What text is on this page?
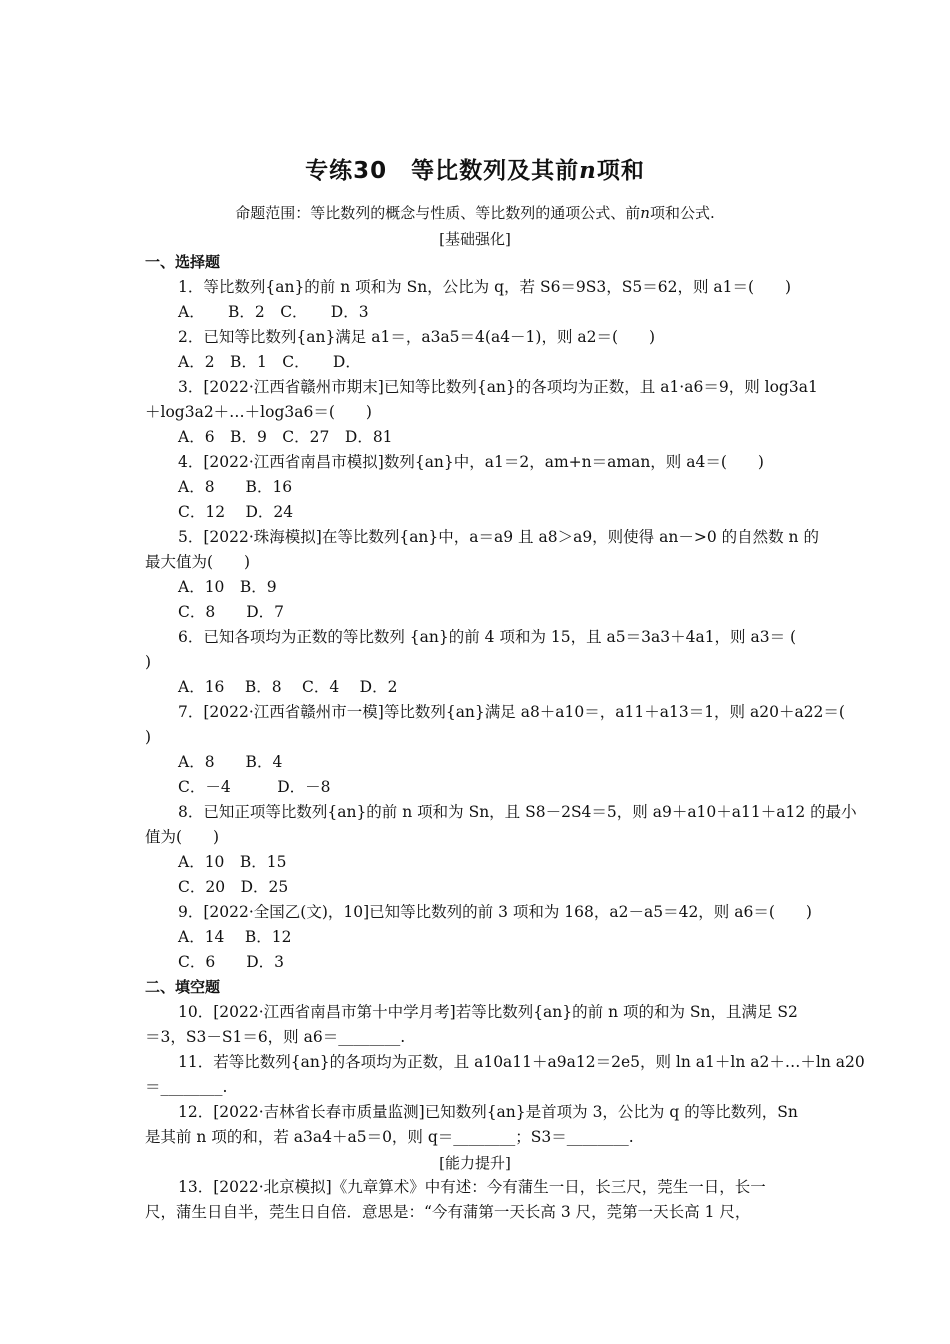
专练30　等比数列及其前n项和
命题范围：等比数列的概念与性质、等比数列的通项公式、前n项和公式.
[基础强化]
一、选择题
1．等比数列{an}的前 n 项和为 Sn，公比为 q，若 S6＝9S3，S5＝62，则 a1＝(　　)
A．　　B．2　C．　　D．3
2．已知等比数列{an}满足 a1＝，a3a5＝4(a4－1)，则 a2＝(　　)
A．2　B．1　C．　　D．
3．[2022·江西省赣州市期末]已知等比数列{an}的各项均为正数，且 a1·a6＝9，则 log3a1
＋log3a2＋…＋log3a6＝(　　)
A．6　B．9　C．27　D．81
4．[2022·江西省南昌市模拟]数列{an}中，a1＝2，am+n＝aman，则 a4＝(　　)
A．8　　B．16
C．12　 D．24
5．[2022·珠海模拟]在等比数列{an}中，a＝a9 且 a8＞a9，则使得 an－>0 的自然数 n 的
最大值为(　　)
A．10　B．9
C．8　　D．7
6．已知各项均为正数的等比数列 {an}的前 4 项和为 15，且 a5＝3a3＋4a1，则 a3＝ (
)
A．16　 B．8　 C．4　 D．2
7．[2022·江西省赣州市一模]等比数列{an}满足 a8＋a10＝，a11＋a13＝1，则 a20＋a22＝(
)
A．8　　B．4
C．－4　　　D．－8
8．已知正项等比数列{an}的前 n 项和为 Sn，且 S8－2S4＝5，则 a9＋a10＋a11＋a12 的最小
值为(　　)
A．10　B．15
C．20　D．25
9．[2022·全国乙(文)，10]已知等比数列的前 3 项和为 168，a2－a5＝42，则 a6＝(　　)
A．14　 B．12
C．6　　D．3
二、填空题
10．[2022·江西省南昌市第十中学月考]若等比数列{an}的前 n 项的和为 Sn，且满足 S2
＝3，S3－S1＝6，则 a6＝________.
11．若等比数列{an}的各项均为正数，且 a10a11＋a9a12＝2e5，则 ln a1＋ln a2＋…＋ln a20
＝________.
12．[2022·吉林省长春市质量监测]已知数列{an}是首项为 3，公比为 q 的等比数列，Sn
是其前 n 项的和，若 a3a4＋a5＝0，则 q＝________；S3＝________.
[能力提升]
13．[2022·北京模拟]《九章算术》中有述：今有蒲生一日，长三尺，莞生一日，长一
尺，蒲生日自半，莞生日自倍．意思是：“今有蒲第一天长高 3 尺，莞第一天长高 1 尺，
